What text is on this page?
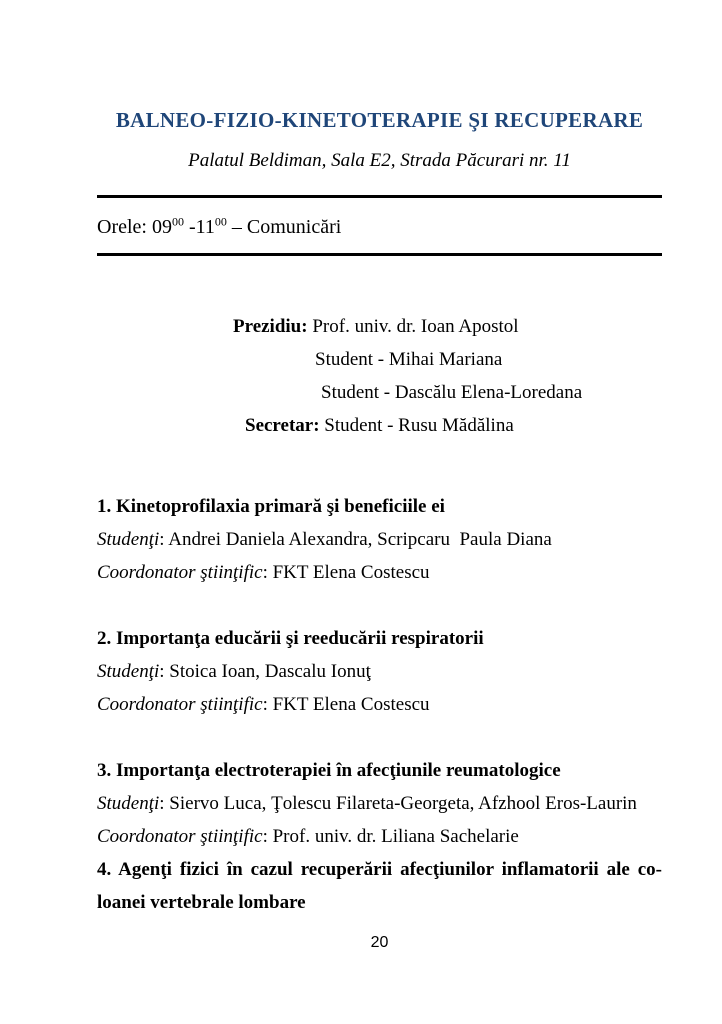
BALNEO-FIZIO-KINETOTERAPIE ŞI RECUPERARE
Palatul Beldiman, Sala E2, Strada Păcurari nr. 11
Orele: $09^{00}$ $-11^{00}$ – Comunicări
Prezidiu: Prof. univ. dr. Ioan Apostol
Student - Mihai Mariana
Student - Dascălu Elena-Loredana
Secretar: Student - Rusu Mădălina
1. Kinetoprofilaxia primară şi beneficiile ei
Studenţi: Andrei Daniela Alexandra, Scripcaru  Paula Diana
Coordonator ştiinţific: FKT Elena Costescu
2. Importanţa educării şi reeducării respiratorii
Studenţi: Stoica Ioan, Dascalu Ionuţ
Coordonator ştiinţific: FKT Elena Costescu
3. Importanţa electroterapiei în afecţiunile reumatologice
Studenţi: Siervo Luca, Ţolescu Filareta-Georgeta, Afzhool Eros-Laurin
Coordonator ştiinţific: Prof. univ. dr. Liliana Sachelarie
4. Agenţi fizici în cazul recuperării afecţiunilor inflamatorii ale co-
loanei vertebrale lombare
20
